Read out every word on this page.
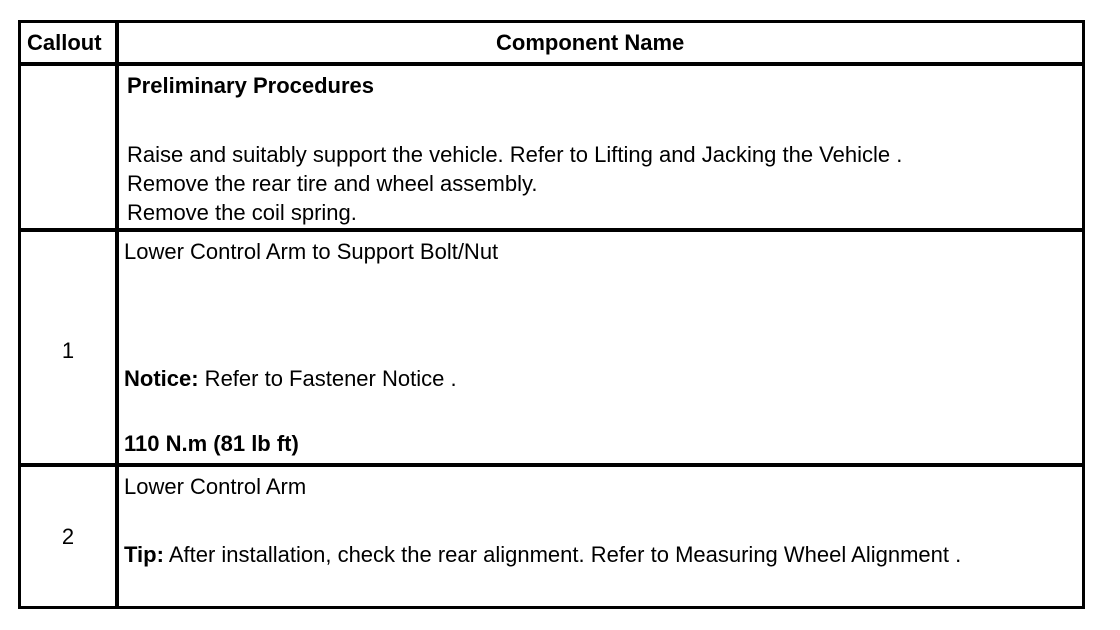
Callout	Component Name
Preliminary Procedures
Raise and suitably support the vehicle. Refer to Lifting and Jacking the Vehicle .
Remove the rear tire and wheel assembly.
Remove the coil spring.
1
Lower Control Arm to Support Bolt/Nut
Notice: Refer to Fastener Notice .
110 N.m (81 lb ft)
2
Lower Control Arm
Tip: After installation, check the rear alignment. Refer to Measuring Wheel Alignment .
